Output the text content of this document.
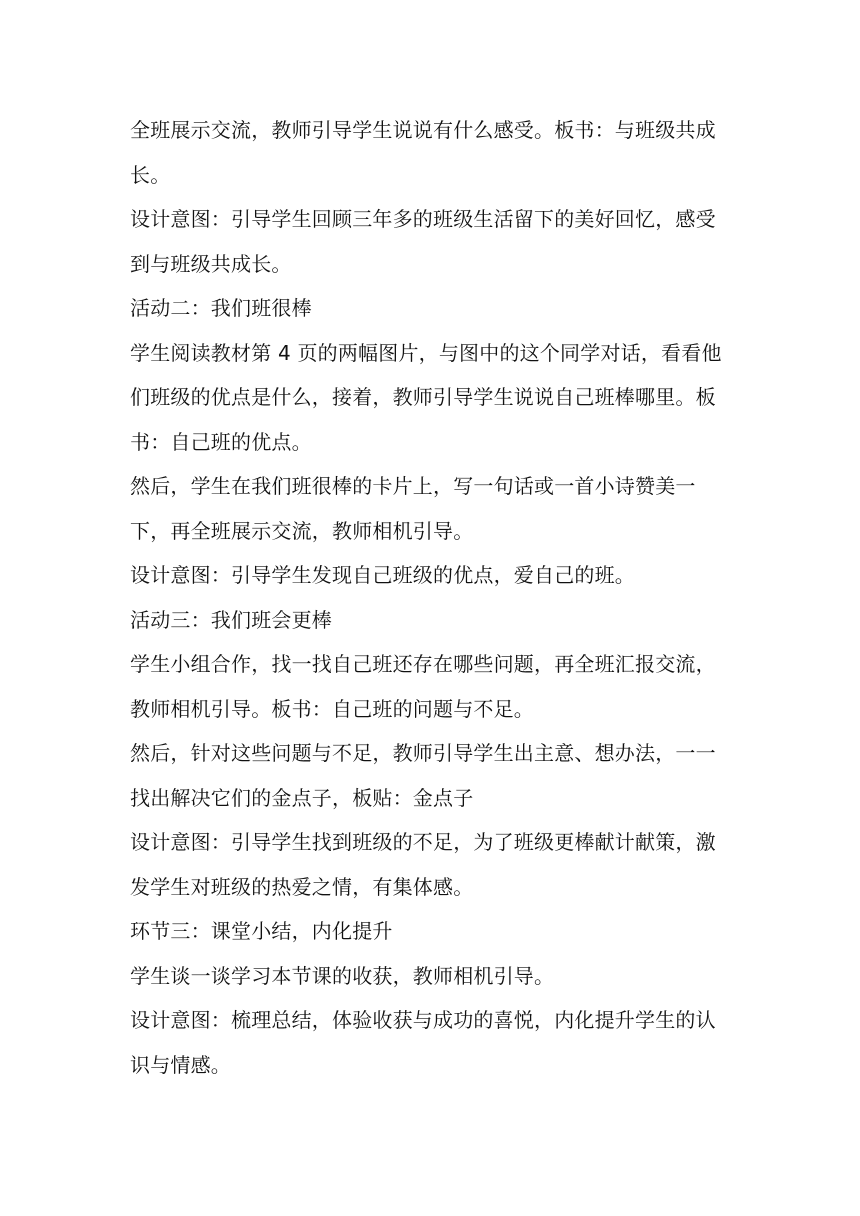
全班展示交流，教师引导学生说说有什么感受。板书：与班级共成长。

设计意图：引导学生回顾三年多的班级生活留下的美好回忆，感受到与班级共成长。

活动二：我们班很棒

学生阅读教材第 4 页的两幅图片，与图中的这个同学对话，看看他们班级的优点是什么，接着，教师引导学生说说自己班棒哪里。板书：自己班的优点。

然后，学生在我们班很棒的卡片上，写一句话或一首小诗赞美一下，再全班展示交流，教师相机引导。

设计意图：引导学生发现自己班级的优点，爱自己的班。

活动三：我们班会更棒

学生小组合作，找一找自己班还存在哪些问题，再全班汇报交流，教师相机引导。板书：自己班的问题与不足。

然后，针对这些问题与不足，教师引导学生出主意、想办法，一一找出解决它们的金点子，板贴：金点子

设计意图：引导学生找到班级的不足，为了班级更棒献计献策，激发学生对班级的热爱之情，有集体感。

环节三：课堂小结，内化提升

学生谈一谈学习本节课的收获，教师相机引导。

设计意图：梳理总结，体验收获与成功的喜悦，内化提升学生的认识与情感。
